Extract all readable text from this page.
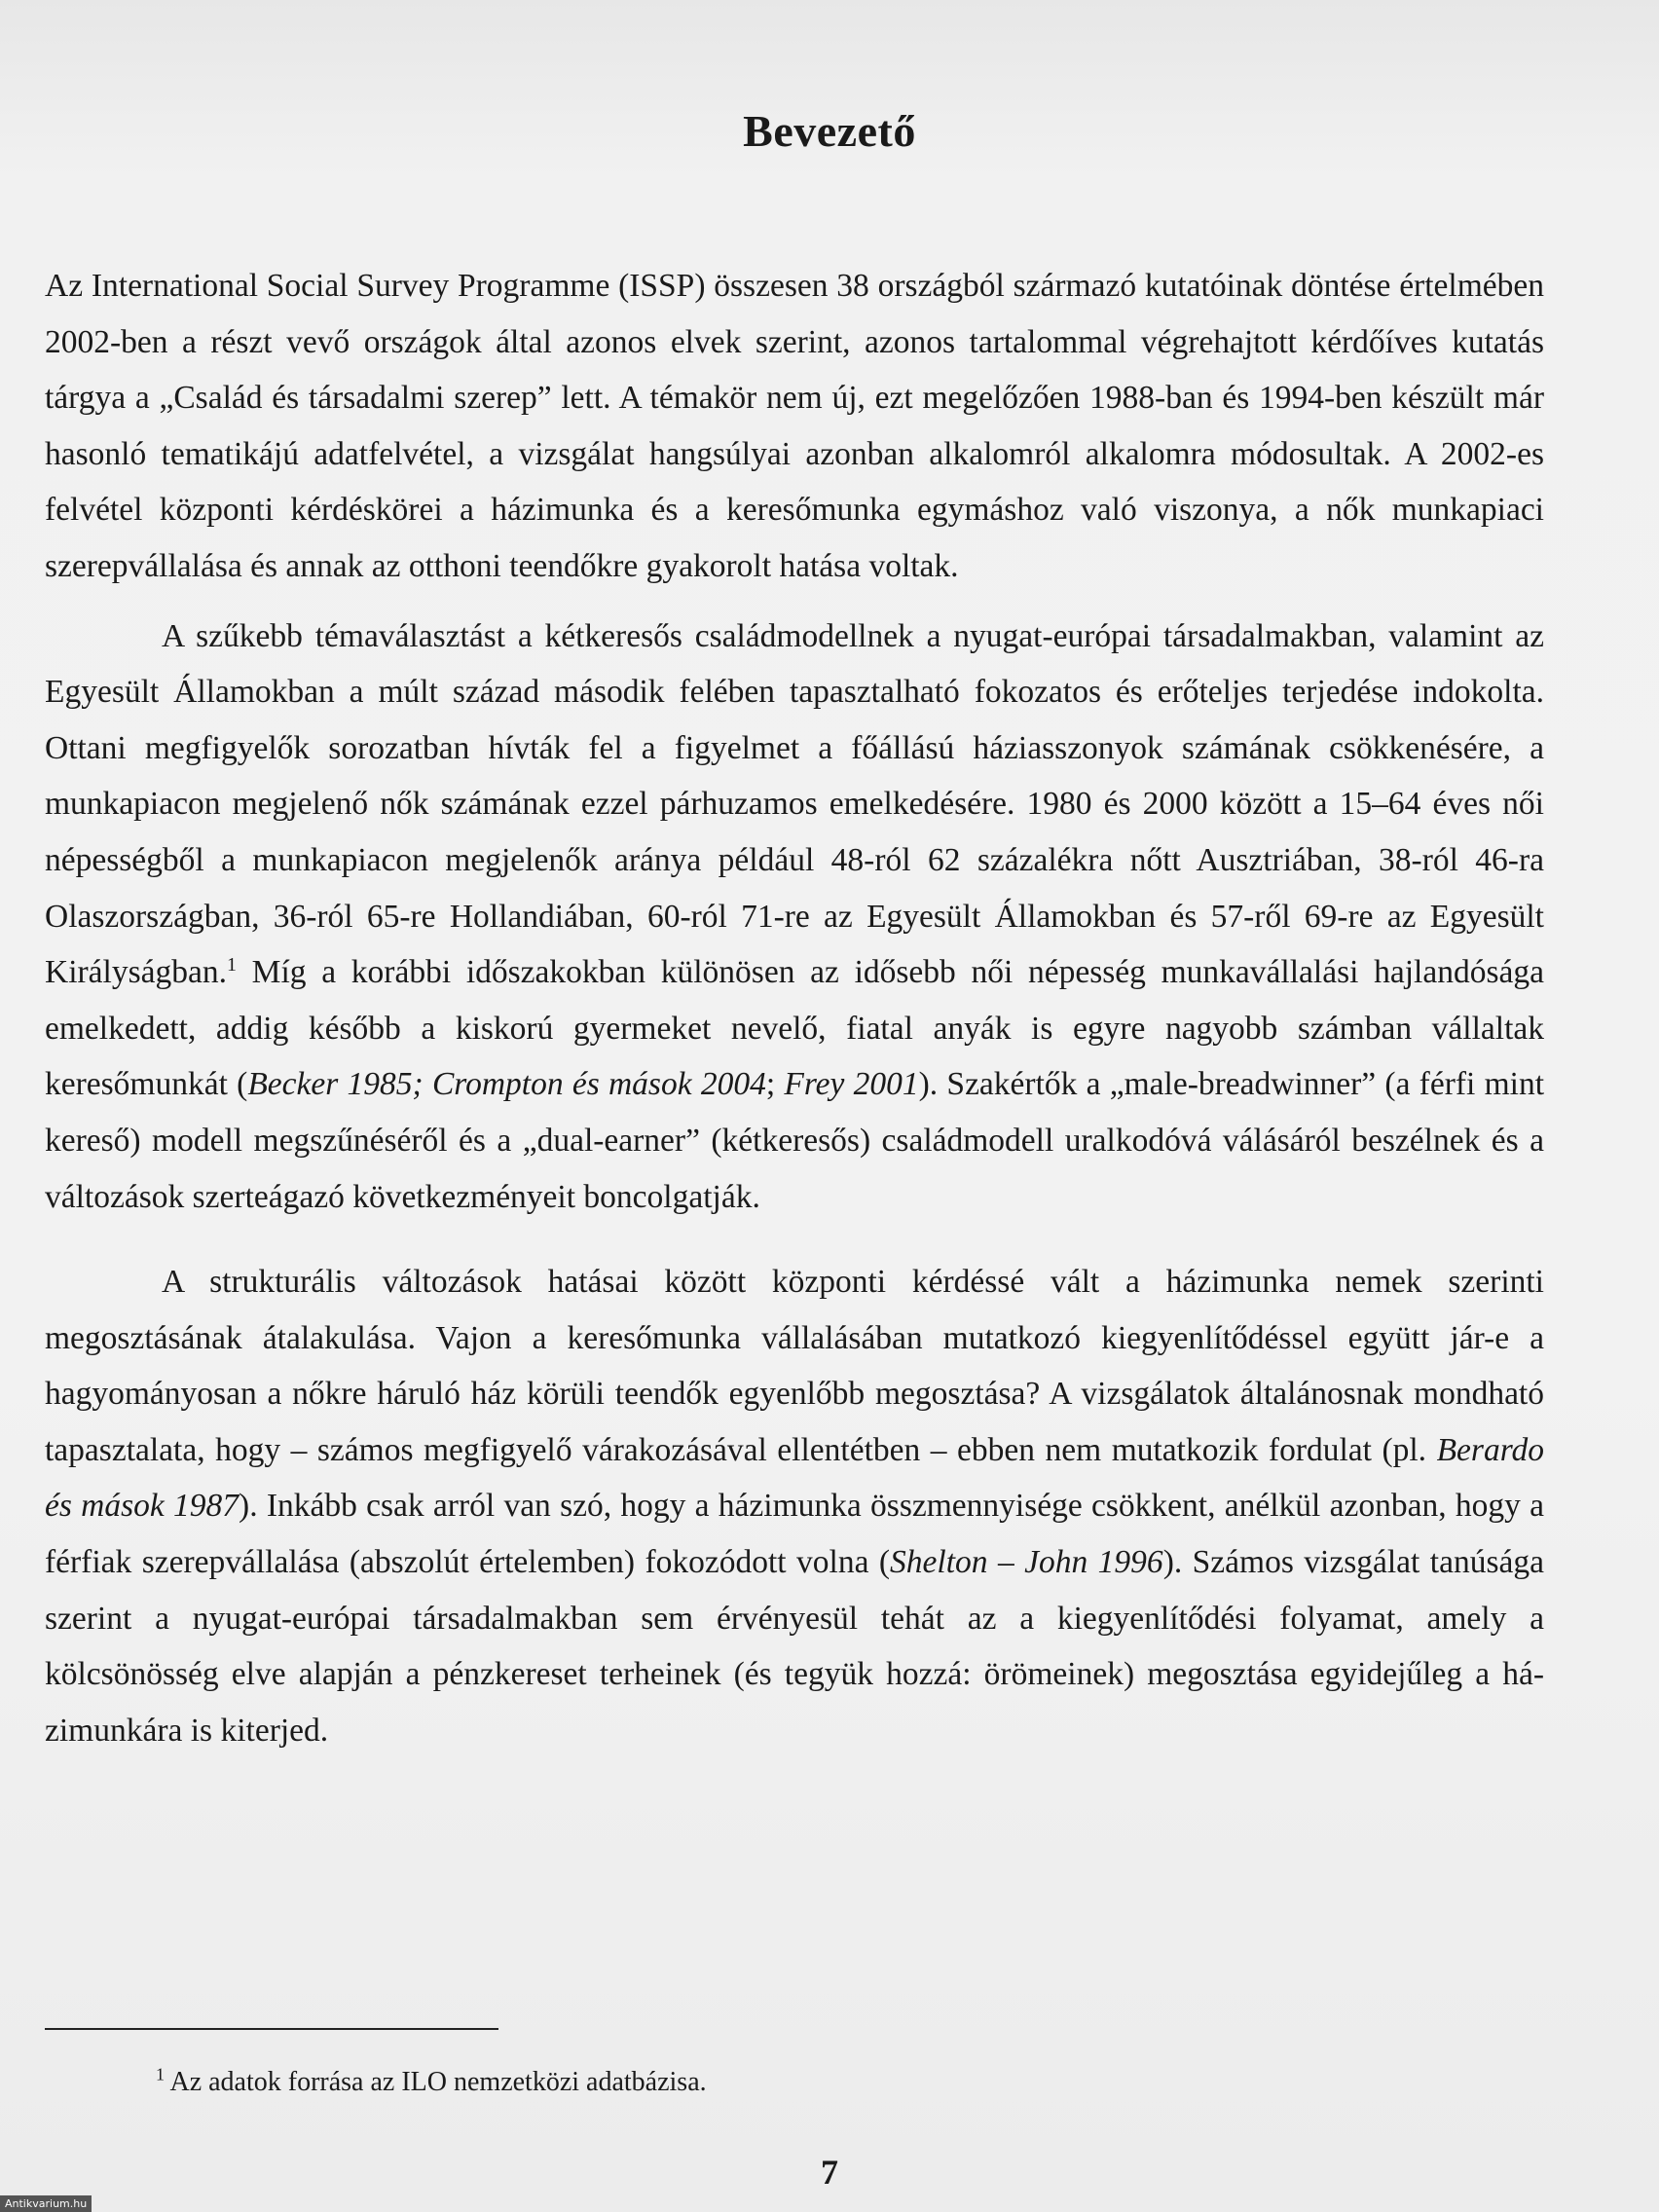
Bevezető

Az International Social Survey Programme (ISSP) összesen 38 országból származó kutatóinak döntése értelmében 2002-ben a részt vevő országok által azonos elvek szerint, azonos tartalommal végrehajtott kérdőíves kutatás tárgya a „Család és társadalmi szerep” lett. A témakör nem új, ezt megelőzően 1988-ban és 1994-ben készült már hasonló tematikájú adatfelvétel, a vizsgálat hangsúlyai azonban alkalomról alkalomra módosultak. A 2002-es felvétel központi kérdéskörei a házimunka és a keresőmunka egymáshoz való viszonya, a nők munkapiaci szerepvállalása és annak az otthoni teendőkre gyakorolt hatása voltak.

A szűkebb témaválasztást a kétkeresős családmodellnek a nyugat-európai társadalmakban, valamint az Egyesült Államokban a múlt század második felében tapasztalható fokozatos és erőteljes terjedése indokolta. Ottani megfigyelők sorozatban hívták fel a figyelmet a főállású háziasszonyok számának csökkenésére, a munkapiacon megjelenő nők számának ezzel párhuzamos emelkedésére. 1980 és 2000 között a 15–64 éves női népességből a munkapiacon megjelenők aránya például 48-ról 62 százalékra nőtt Ausztriában, 38-ról 46-ra Olaszországban, 36-ról 65-re Hollandiában, 60-ról 71-re az Egyesült Államokban és 57-ről 69-re az Egyesült Királyságban.$^1$ Míg a korábbi időszakokban különösen az idősebb női népesség munkavállalási hajlandósága emelkedett, addig később a kiskorú gyermeket nevelő, fiatal anyák is egyre nagyobb számban vállaltak keresőmunkát (Becker 1985; Crompton és mások 2004; Frey 2001). Szakértők a „male-breadwinner” (a férfi mint kereső) modell megszűnéséről és a „dual-earner” (kétkeresős) családmodell uralkodóvá válásáról beszélnek és a változások szerteágazó következményeit boncolgatják.

A strukturális változások hatásai között központi kérdéssé vált a házimunka nemek szerinti megosztásának átalakulása. Vajon a keresőmunka vállalásában mutatkozó kiegyenlítődéssel együtt jár-e a hagyományosan a nőkre háruló ház körüli teendők egyenlőbb megosztása? A vizsgálatok általánosnak mondható tapasztalata, hogy – számos megfigyelő várakozásával ellentétben – ebben nem mutatkozik fordulat (pl. Berardo és mások 1987). Inkább csak arról van szó, hogy a házimunka összmennyisége csökkent, anélkül azonban, hogy a férfiak szerepvállalása (abszolút értelemben) fokozódott volna (Shelton – John 1996). Számos vizsgálat tanúsága szerint a nyugat-európai társadalmakban sem érvényesül tehát az a kiegyenlítődési folyamat, amely a kölcsönösség elve alapján a pénzkereset terheinek (és tegyük hozzá: örömeinek) megosztása egyidejűleg a házimunkára is kiterjed.

$^1$ Az adatok forrása az ILO nemzetközi adatbázisa.
7
Antikvarium.hu
